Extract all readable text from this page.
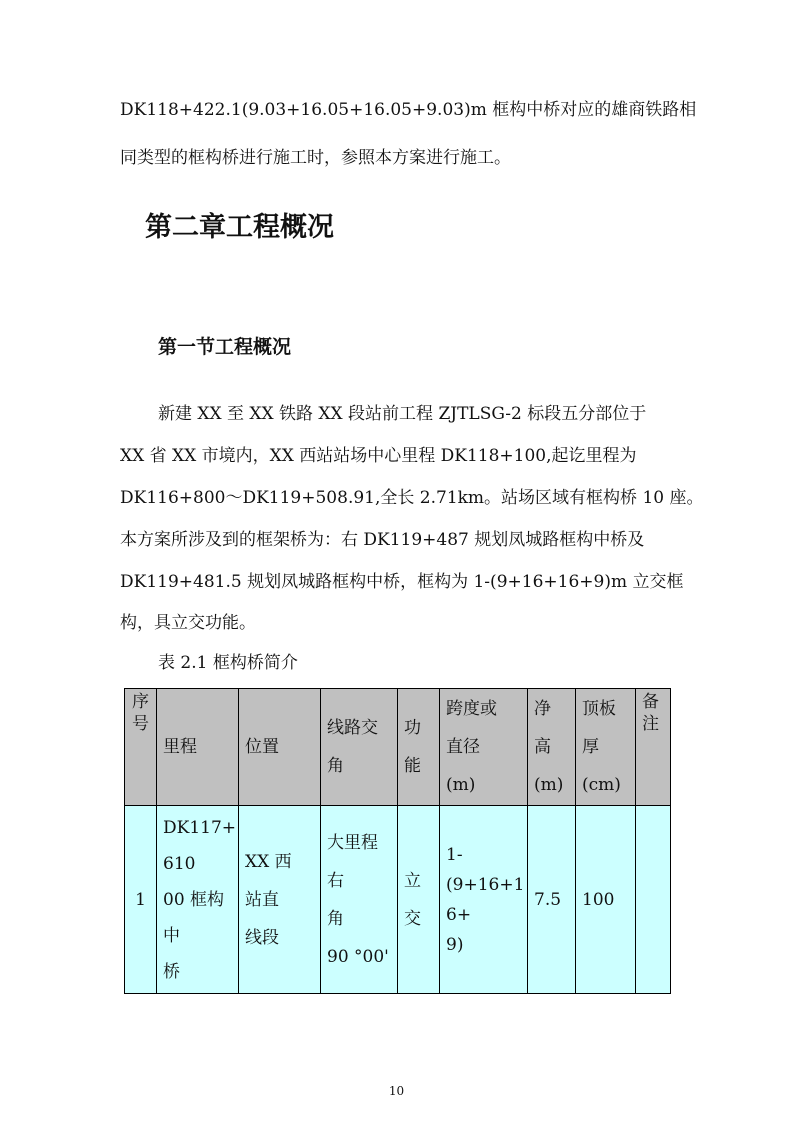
DK118+422.1(9.03+16.05+16.05+9.03)m 框构中桥对应的雄商铁路相

同类型的框构桥进行施工时，参照本方案进行施工。

第二章工程概况
第一节工程概况

新建 XX 至 XX 铁路 XX 段站前工程 ZJTLSG-2 标段五分部位于

XX 省 XX 市境内，XX 西站站场中心里程 DK118+100,起讫里程为

DK116+800～DK119+508.91,全长 2.71km。站场区域有框构桥 10 座。

本方案所涉及到的框架桥为：右 DK119+487 规划凤城路框构中桥及

DK119+481.5 规划凤城路框构中桥，框构为 1-(9+16+16+9)m 立交框

构，具立交功能。

表 2.1 框构桥简介

序
号	里程	位置	线路交
角	功
能	跨度或
直径
(m)	净
高
(m)	顶板
厚
(cm)	备
注
1	DK117+
610
00 框构
中
桥	XX 西
站直
线段	大里程
右
角
90 °00'	立
交	1-
(9+16+1
6+
9)	7.5	100	
10
